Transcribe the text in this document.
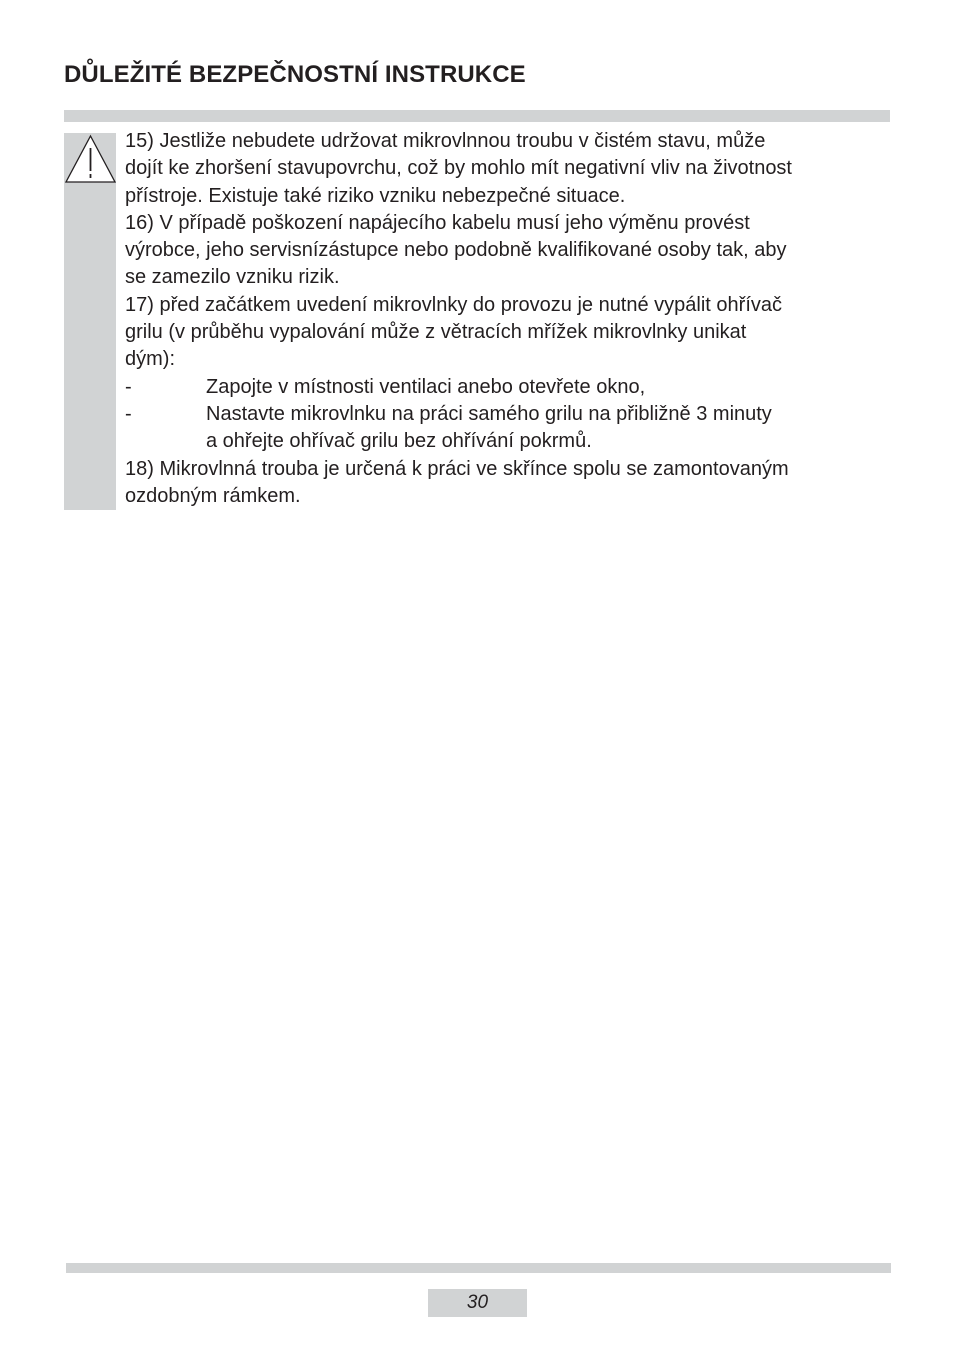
DŮLEŽITÉ BEZPEČNOSTNÍ INSTRUKCE
15) Jestliže nebudete udržovat mikrovlnnou troubu v čistém stavu, může
dojít ke zhoršení stavupovrchu, což by mohlo mít negativní vliv na životnost
přístroje. Existuje také riziko vzniku nebezpečné situace.
16) V případě poškození napájecího kabelu musí jeho výměnu provést
výrobce, jeho servisnízástupce nebo podobně kvalifikované osoby tak, aby
se zamezilo vzniku rizik.
17) před začátkem uvedení mikrovlnky do provozu je nutné vypálit ohřívač
grilu (v průběhu vypalování může z větracích mřížek mikrovlnky unikat
dým):
-	Zapojte v místnosti ventilaci anebo otevřete okno,
-	Nastavte mikrovlnku na práci samého grilu na přibližně 3 minuty
a ohřejte ohřívač grilu bez ohřívání pokrmů.
18) Mikrovlnná trouba je určená k práci ve skřínce spolu se zamontovaným
ozdobným rámkem.
30
